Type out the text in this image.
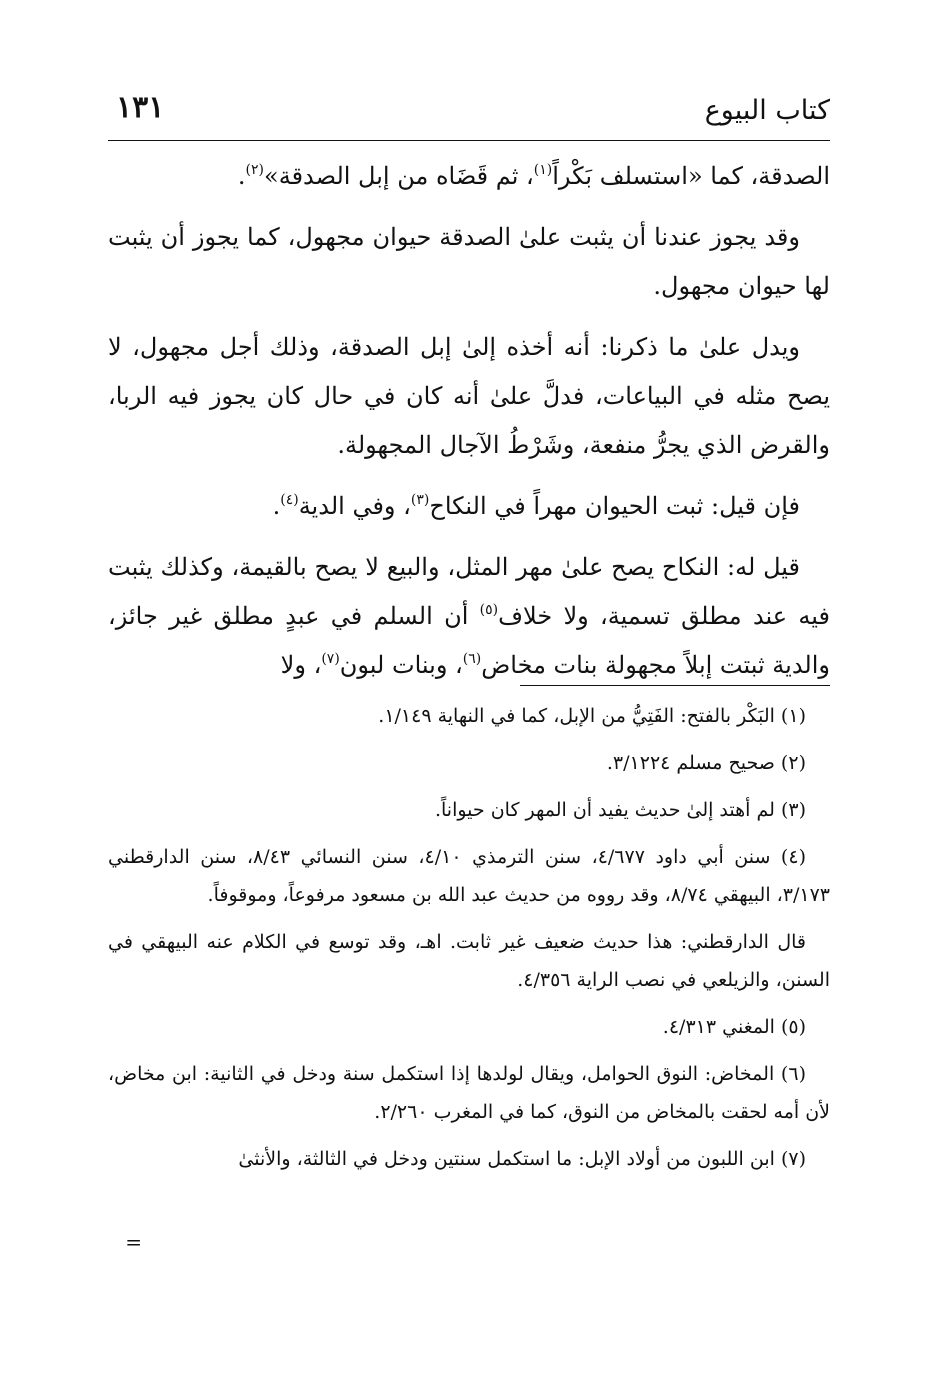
كتاب البيوع
١٣١

الصدقة، كما «استسلف بَكْراً$^{(١)}$، ثم قَضَاه من إبل الصدقة»$^{(٢)}$.

وقد يجوز عندنا أن يثبت علىٰ الصدقة حيوان مجهول، كما يجوز أن يثبت لها حيوان مجهول.

ويدل علىٰ ما ذكرنا: أنه أخذه إلىٰ إبل الصدقة، وذلك أجل مجهول، لا يصح مثله في البياعات، فدلَّ علىٰ أنه كان في حال كان يجوز فيه الربا، والقرض الذي يجرُّ منفعة، وشَرْطُ الآجال المجهولة.

فإن قيل: ثبت الحيوان مهراً في النكاح$^{(٣)}$، وفي الدية$^{(٤)}$.

قيل له: النكاح يصح علىٰ مهر المثل، والبيع لا يصح بالقيمة، وكذلك يثبت فيه عند مطلق تسمية، ولا خلاف$^{(٥)}$ أن السلم في عبدٍ مطلق غير جائز، والدية ثبتت إبلاً مجهولة بنات مخاض$^{(٦)}$، وبنات لبون$^{(٧)}$، ولا

(١) البَكْر بالفتح: الفَتِيُّ من الإبل، كما في النهاية ١/١٤٩.

(٢) صحيح مسلم ٣/١٢٢٤.

(٣) لم أهتد إلىٰ حديث يفيد أن المهر كان حيواناً.

(٤) سنن أبي داود ٤/٦٧٧، سنن الترمذي ٤/١٠، سنن النسائي ٨/٤٣، سنن الدارقطني ٣/١٧٣، البيهقي ٨/٧٤، وقد رووه من حديث عبد الله بن مسعود مرفوعاً، وموقوفاً.

قال الدارقطني: هذا حديث ضعيف غير ثابت. اهـ، وقد توسع في الكلام عنه البيهقي في السنن، والزيلعي في نصب الراية ٤/٣٥٦.

(٥) المغني ٤/٣١٣.

(٦) المخاض: النوق الحوامل، ويقال لولدها إذا استكمل سنة ودخل في الثانية: ابن مخاض، لأن أمه لحقت بالمخاض من النوق، كما في المغرب ٢/٢٦٠.

(٧) ابن اللبون من أولاد الإبل: ما استكمل سنتين ودخل في الثالثة، والأنثىٰ

=
